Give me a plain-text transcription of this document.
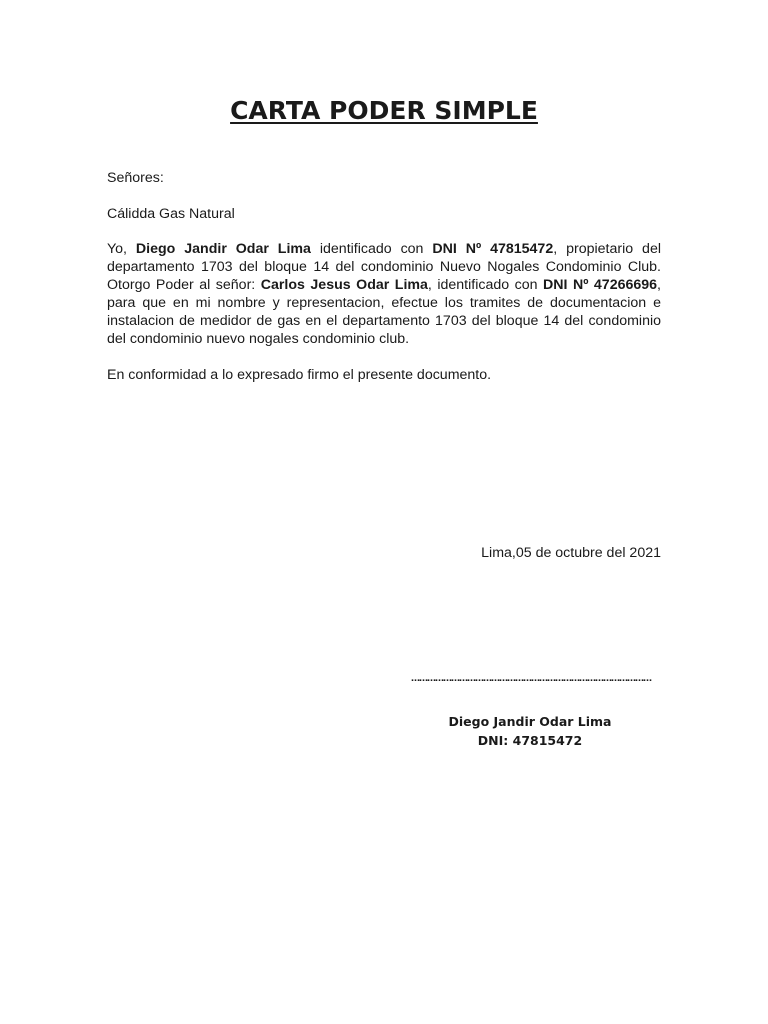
CARTA PODER SIMPLE
Señores:
Cálidda Gas Natural
Yo, Diego Jandir Odar Lima identificado con DNI Nº 47815472, propietario del departamento 1703 del bloque 14 del condominio Nuevo Nogales Condominio Club. Otorgo Poder al señor: Carlos Jesus Odar Lima, identificado con DNI Nº 47266696, para que en mi nombre y representacion, efectue los tramites de documentacion e instalacion de medidor de gas en el departamento 1703 del bloque 14 del condominio del condominio nuevo nogales condominio club.
En conformidad a lo expresado firmo el presente documento.
Lima,05 de octubre del 2021
………………………………………………………………………………
Diego Jandir Odar Lima
DNI: 47815472
